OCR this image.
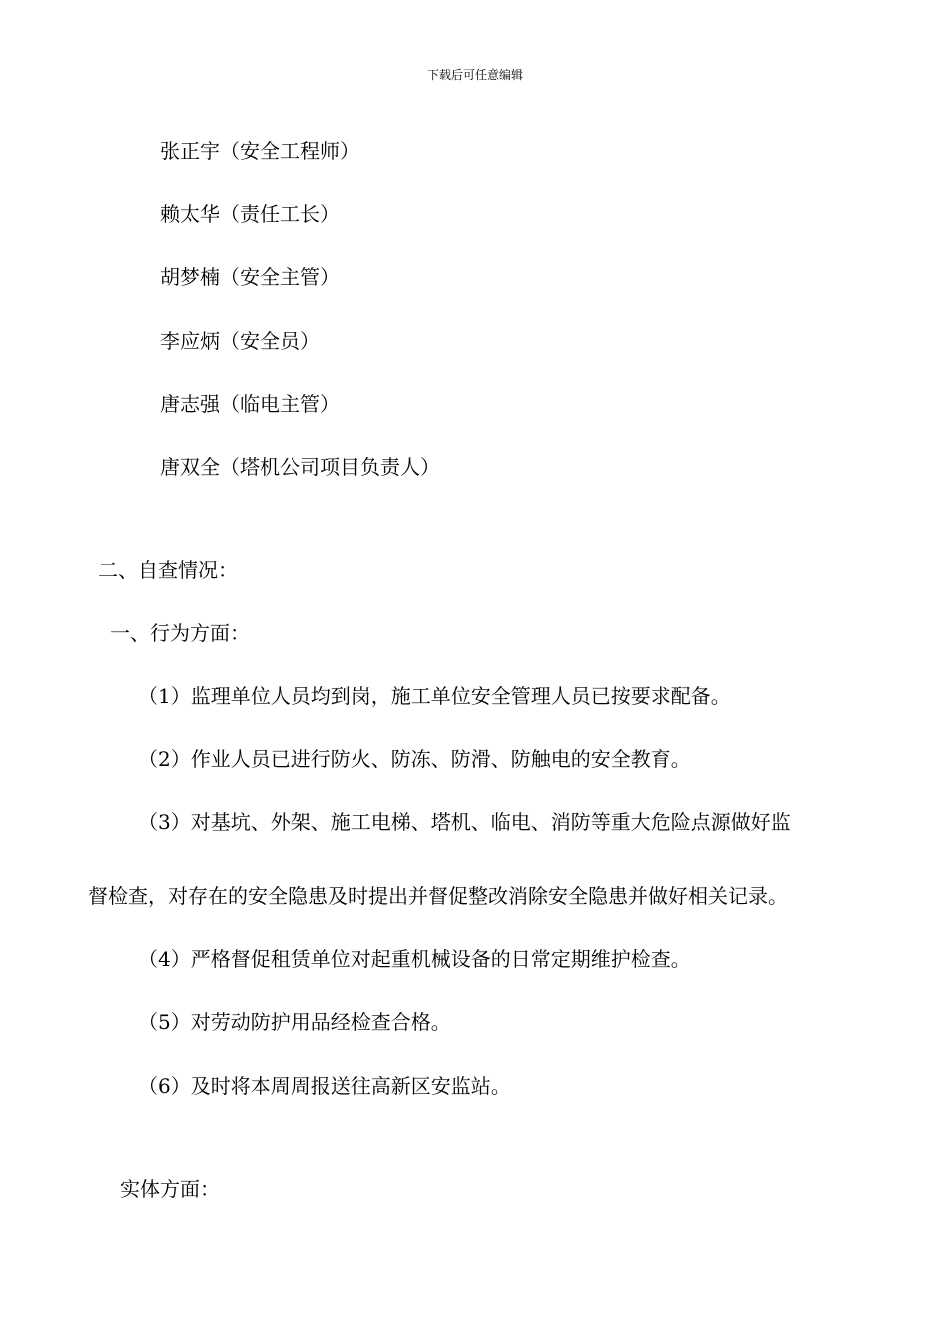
下载后可任意编辑
张正宇（安全工程师）
赖太华（责任工长）
胡梦楠（安全主管）
李应炳（安全员）
唐志强（临电主管）
唐双全（塔机公司项目负责人）
二、自查情况：
一、行为方面：
（1）监理单位人员均到岗，施工单位安全管理人员已按要求配备。
（2）作业人员已进行防火、防冻、防滑、防触电的安全教育。
（3）对基坑、外架、施工电梯、塔机、临电、消防等重大危险点源做好监
督检查，对存在的安全隐患及时提出并督促整改消除安全隐患并做好相关记录。
（4）严格督促租赁单位对起重机械设备的日常定期维护检查。
（5）对劳动防护用品经检查合格。
（6）及时将本周周报送往高新区安监站。
实体方面：
